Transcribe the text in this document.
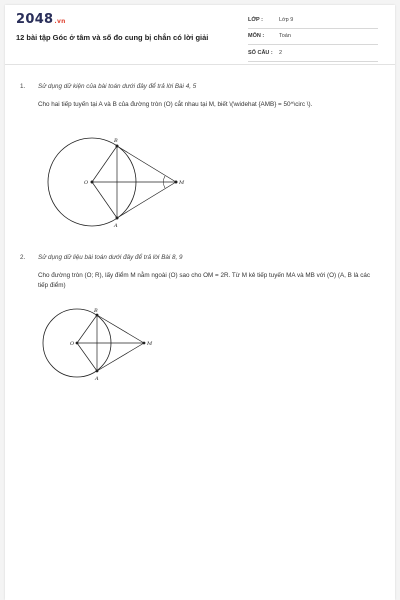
2048.vn
12 bài tập Góc ở tâm và số đo cung bị chắn có lời giải
LỚP :	Lớp 9
MÔN :	Toán
SỐ CÂU :	2
1.	Sử dụng dữ kiện của bài toán dưới đây để trả lời Bài 4, 5
Cho hai tiếp tuyến tại A và B của đường tròn (O) cắt nhau tại M, biết \(\widehat {AMB} = 50^\circ \).
O
B
A
M
2.	Sử dụng dữ liệu bài toán dưới đây để trả lời Bài 8, 9
Cho đường tròn (O; R), lấy điểm M nằm ngoài (O) sao cho OM = 2R. Từ M kẻ tiếp tuyến MA và MB với (O) (A, B là các tiếp điểm)
O
B
A
M
